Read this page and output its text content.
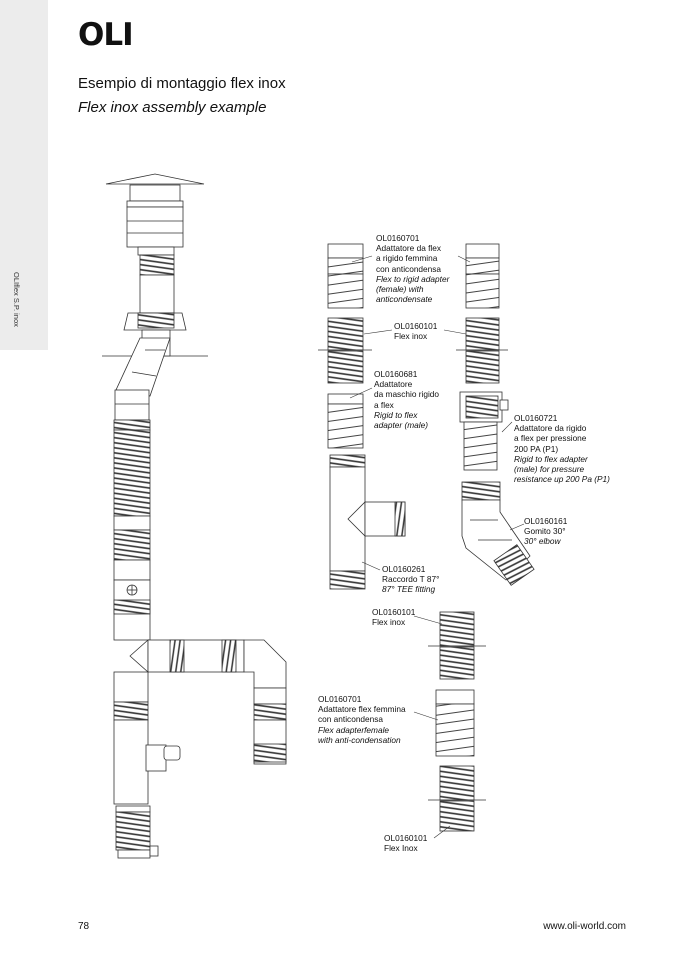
OLIflex S.P. inox
OLI
Esempio di montaggio flex inox
Flex inox assembly example
OL0160701
Adattatore da flex
a rigido femmina
con anticondensa
Flex to rigid adapter
(female) with
anticondensate
OL0160101
Flex inox
OL0160681
Adattatore
da maschio rigido
a flex
Rigid to flex
adapter (male)
OL0160721
Adattatore da rigido
a flex per pressione
200 PA (P1)
Rigid to flex adapter
(male) for pressure
resistance up 200 Pa (P1)
OL0160161
Gomito 30°
30° elbow
OL0160261
Raccordo T 87°
87° TEE fitting
OL0160101
Flex inox
OL0160701
Adattatore flex femmina
con anticondensa
Flex adapterfemale
with anti-condensation
OL0160101
Flex Inox
78	www.oli-world.com
